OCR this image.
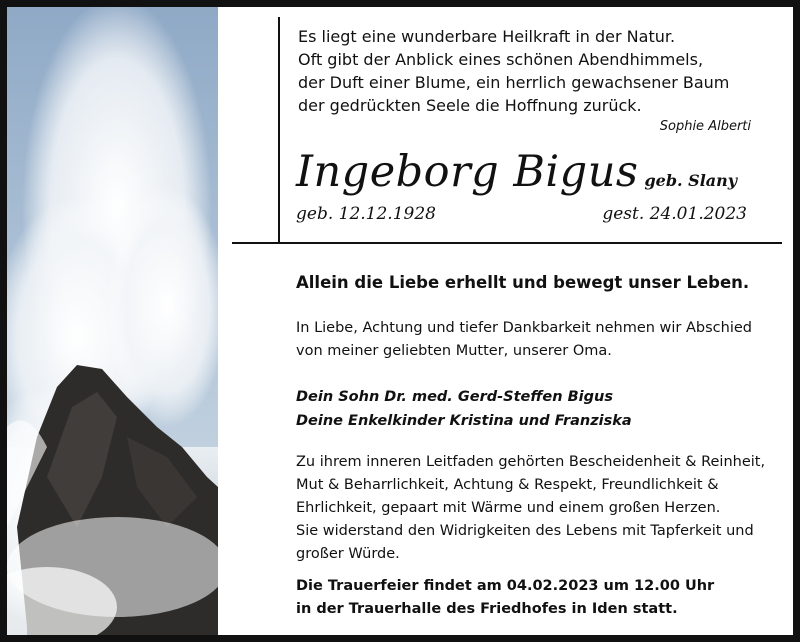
Es liegt eine wunderbare Heilkraft in der Natur.
Oft gibt der Anblick eines schönen Abendhimmels,
der Duft einer Blume, ein herrlich gewachsener Baum
der gedrückten Seele die Hoffnung zurück.
Sophie Alberti
Ingeborg Bigus geb. Slany
geb. 12.12.1928	gest. 24.01.2023
Allein die Liebe erhellt und bewegt unser Leben.
In Liebe, Achtung und tiefer Dankbarkeit nehmen wir Abschied
von meiner geliebten Mutter, unserer Oma.
Dein Sohn Dr. med. Gerd-Steffen Bigus
Deine Enkelkinder Kristina und Franziska
Zu ihrem inneren Leitfaden gehörten Bescheidenheit & Reinheit,
Mut & Beharrlichkeit, Achtung & Respekt, Freundlichkeit &
Ehrlichkeit, gepaart mit Wärme und einem großen Herzen.
Sie widerstand den Widrigkeiten des Lebens mit Tapferkeit und
großer Würde.
Die Trauerfeier findet am 04.02.2023 um 12.00 Uhr
in der Trauerhalle des Friedhofes in Iden statt.
